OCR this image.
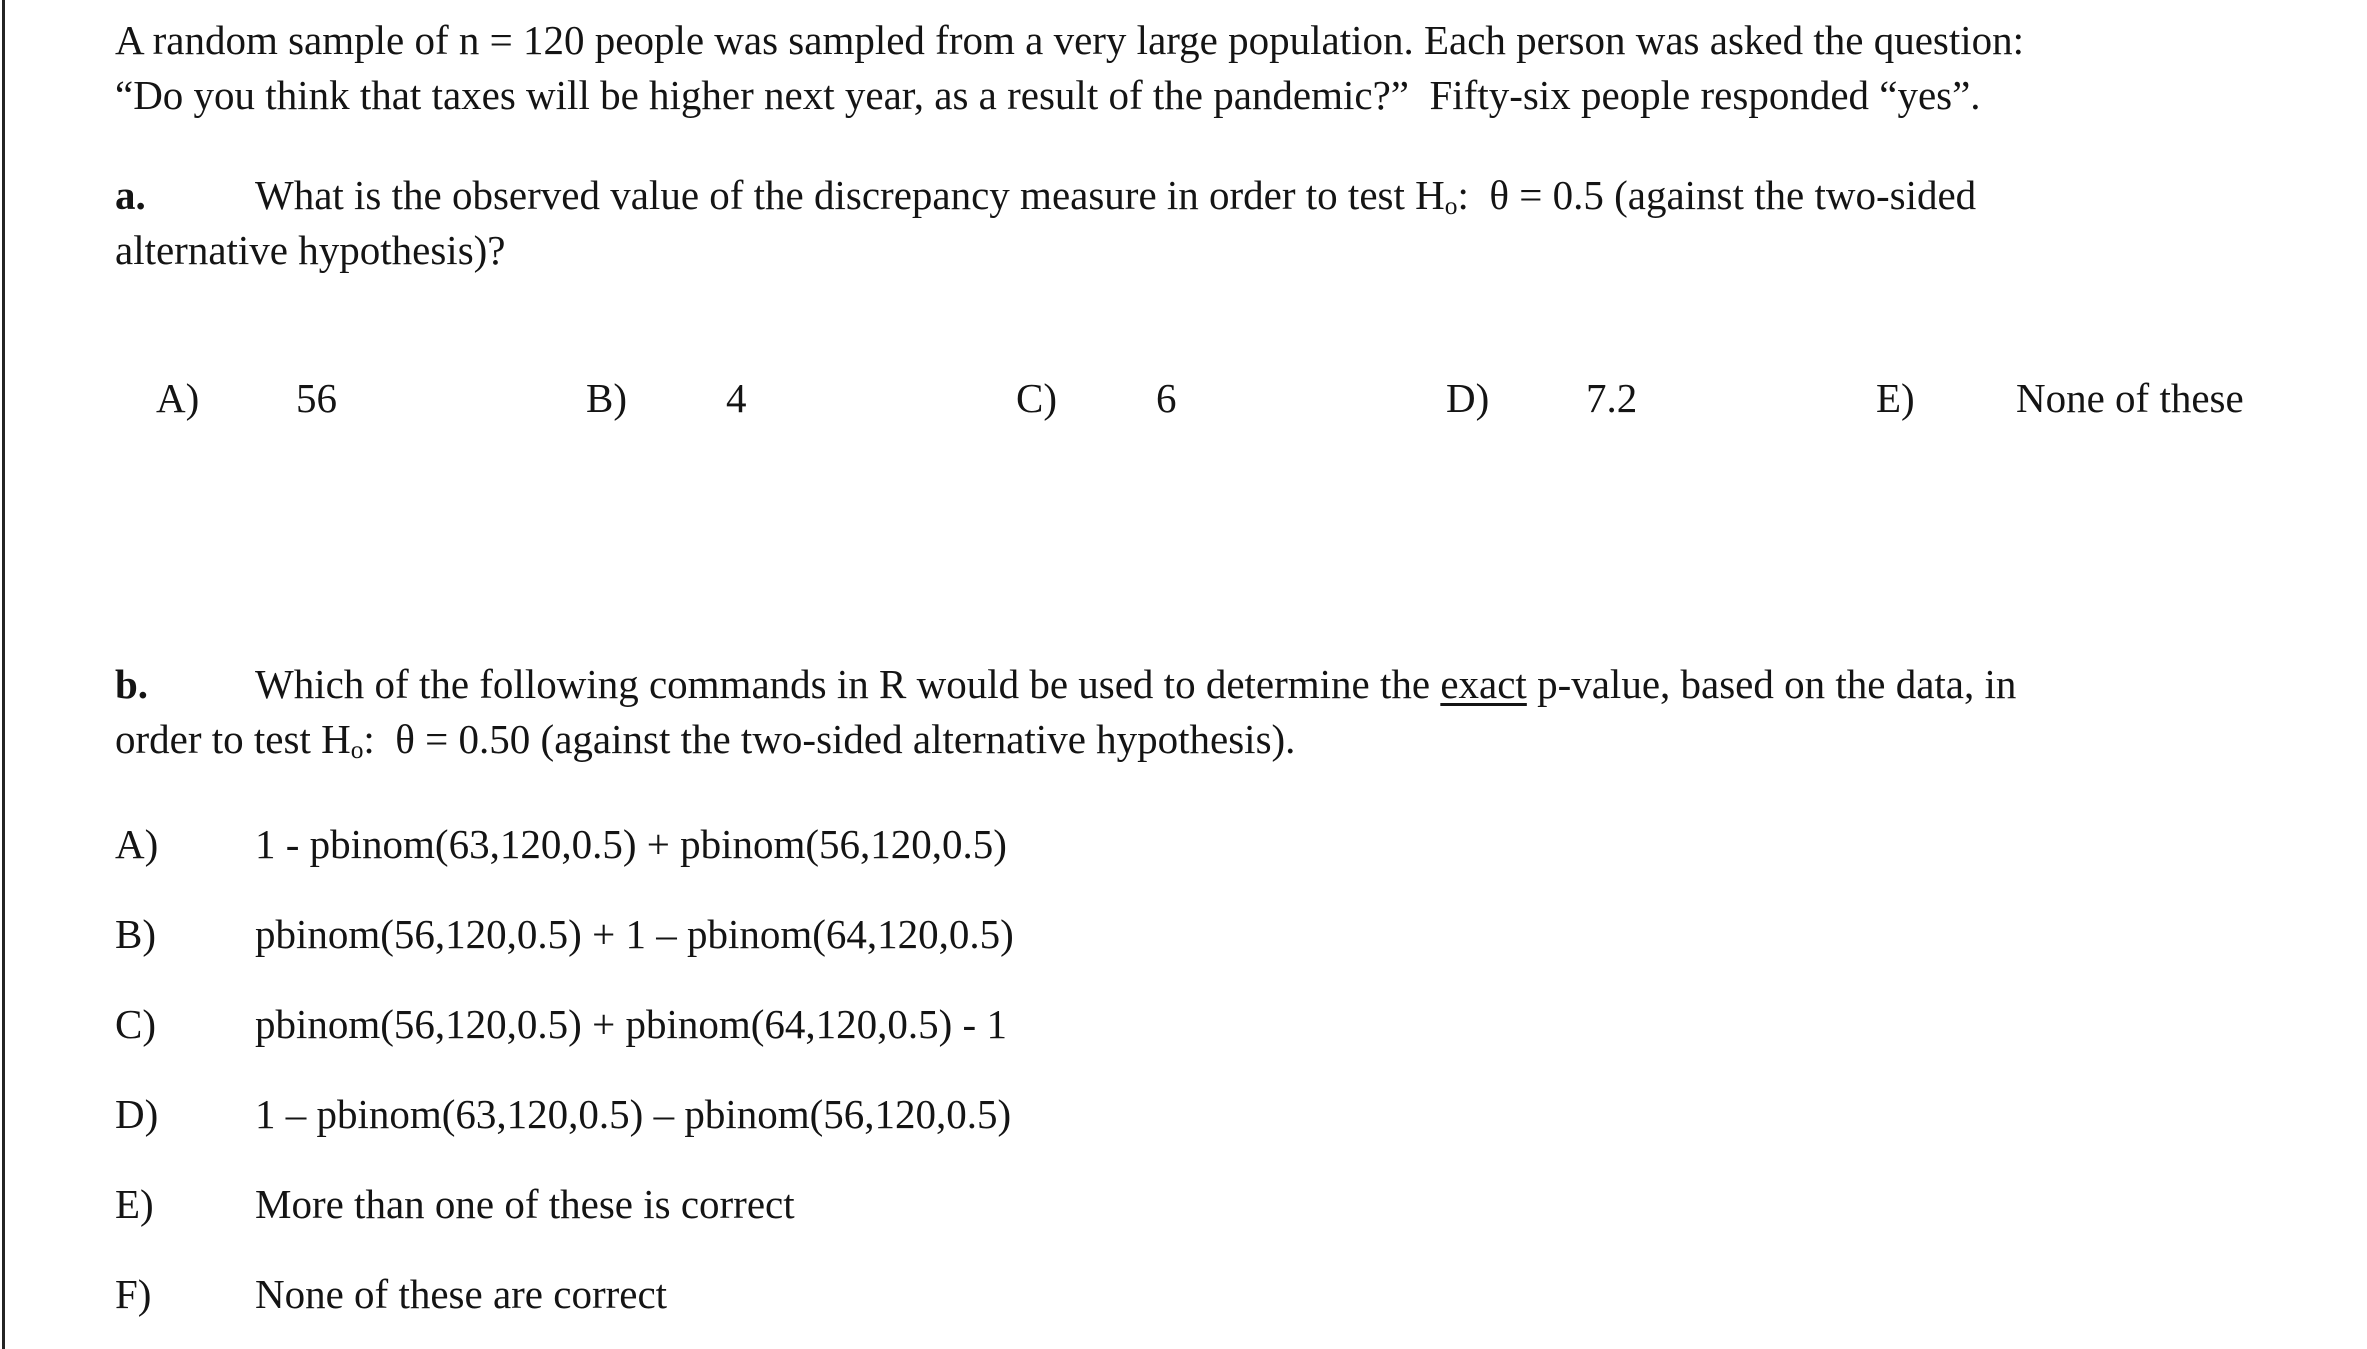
A random sample of n = 120 people was sampled from a very large population. Each person was asked the question:
“Do you think that taxes will be higher next year, as a result of the pandemic?”  Fifty-six people responded “yes”.
a.	What is the observed value of the discrepancy measure in order to test $H_o$:  θ = 0.5 (against the two-sided
alternative hypothesis)?

A) 56	B) 4	C) 6	D) 7.2	E) None of these

b.	Which of the following commands in R would be used to determine the exact p-value, based on the data, in
order to test $H_o$:  θ = 0.50 (against the two-sided alternative hypothesis).
A) 1 - pbinom(63,120,0.5) + pbinom(56,120,0.5)
B) pbinom(56,120,0.5) + 1 – pbinom(64,120,0.5)
C) pbinom(56,120,0.5) + pbinom(64,120,0.5) - 1
D) 1 – pbinom(63,120,0.5) – pbinom(56,120,0.5)
E) More than one of these is correct
F)	None of these are correct
